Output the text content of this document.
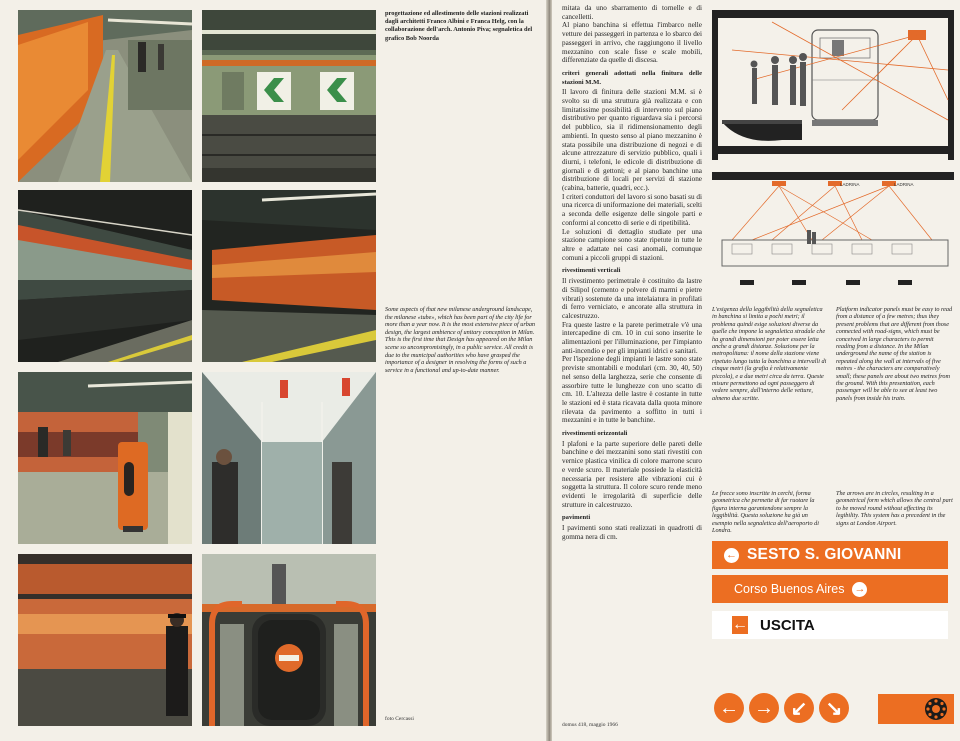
progettazione ed allestimento delle stazioni realizzati dagli architetti Franco Albini e Franca Helg, con la collaborazione dell'arch. Antonio Piva; segnaletica del grafico Bob Noorda
Some aspects of that new milanese underground landscape, the milanese «tube», which has been part of the city life for more than a year now. It is the most extensive piece of urban design, the largest ambience of unitary conception in Milan. This is the first time that Design has appeared on the Milan scene so uncompromisingly, in a public service. All credit is due to the municipal authorities who have grasped the importance of a designer in resolving the forms of such a service in a functional and up-to-date manner.
foto Cercassi

mitata da uno sbarramento di tornelle e di cancelletti.

Al piano banchina si effettua l'imbarco nelle vetture dei passeggeri in partenza e lo sbarco dei passeggeri in arrivo, che raggiungono il livello mezzanino con scale fisse e scale mobili, differenziate da quelle di discesa.

criteri generali adottati nella finitura delle stazioni M.M.

Il lavoro di finitura delle stazioni M.M. si è svolto su di una struttura già realizzata e con limitatissime possibilità di intervento sul piano distributivo per quanto riguardava sia i percorsi del pubblico, sia il ridimensionamento degli ambienti. In questo senso al piano mezzanino è stata possibile una distribuzione di negozi e di alcune attrezzature di servizio pubblico, quali i diurni, i telefoni, le edicole di distribuzione di giornali e di gettoni; e al piano banchine una distribuzione di locali per servizi di stazione (cabina, batterie, quadri, ecc.).

I criteri conduttori del lavoro si sono basati su di una ricerca di uniformazione dei materiali, scelti a seconda delle esigenze delle singole parti e conformi al concetto di serie e di ripetibilità.

Le soluzioni di dettaglio studiate per una stazione campione sono state ripetute in tutte le altre e adattate nei casi anomali, comunque comuni a piccoli gruppi di stazioni.

rivestimenti verticali

Il rivestimento perimetrale è costituito da lastre di Silipol (cemento e polvere di marmi e pietre vibrati) sostenute da una intelaiatura in profilati di ferro verniciato, e ancorate alla struttura in calcestruzzo.

Fra queste lastre e la parete perimetrale v'è una intercapedine di cm. 10 in cui sono inserite le alimentazioni per l'illuminazione, per l'impianto anti-incendio e per gli impianti idrici e sanitari.

Per l'ispezione degli impianti le lastre sono state previste smontabili e modulari (cm. 30, 40, 50) nel senso della larghezza, serie che consente di assorbire tutte le lunghezze con uno scatto di cm. 10. L'altezza delle lastre è costante in tutte le stazioni ed è stata ricavata dalla quota minore rilevata da pavimento a soffitto in tutti i mezzanini e in tutte le banchine.

rivestimenti orizzontali

I plafoni e la parte superiore delle pareti delle banchine e dei mezzanini sono stati rivestiti con vernice plastica vinilica di colore marrone scuro e verde scuro. Il materiale possiede la elasticità necessaria per resistere alle vibrazioni cui è soggetta la struttura. Il colore scuro rende meno evidenti le irregolarità di superficie delle strutture in calcestruzzo.

pavimenti

I pavimenti sono stati realizzati in quadrotti di gomma nera di cm.

LADRINA	LADRINA
L'esigenza della leggibilità della segnaletica in banchina si limita a pochi metri; il problema quindi esige soluzioni diverse da quelle che impone la segnaletica stradale che ha grandi dimensioni per poter essere letta anche a grandi distanze. Soluzione per la metropolitana: il nome della stazione viene ripetuto lungo tutta la banchina a intervalli di cinque metri (la grafia è relativamente piccola), e a due metri circa da terra. Queste misure permettono ad ogni passeggero di vedere sempre, dall'interno delle vetture, almeno due scritte.
Platform indicator panels must be easy to read from a distance of a few metres; thus they present problems that are different from those connected with road-signs, which must be conceived in large characters to permit reading from a distance. In the Milan underground the name of the station is repeated along the wall at intervals of five metres - the characters are comparatively small; these panels are about two metres from the ground. With this presentation, each passenger will be able to see at least two panels from inside his train.
Le frecce sono inscritte in cerchi, forma geometrica che permette di far ruotare la figura interna garantendone sempre la leggibilità. Questa soluzione ha già un esempio nella segnaletica dell'aeroporto di Londra.
The arrows are in circles, resulting in a geometrical form which allows the central part to be moved round without affecting its legibility. This system has a precedent in the signs at London Airport.
← SESTO S. GIOVANNI
Corso Buenos Aires →
← USCITA
← → ↙ ↘
domus 418, maggio 1966
